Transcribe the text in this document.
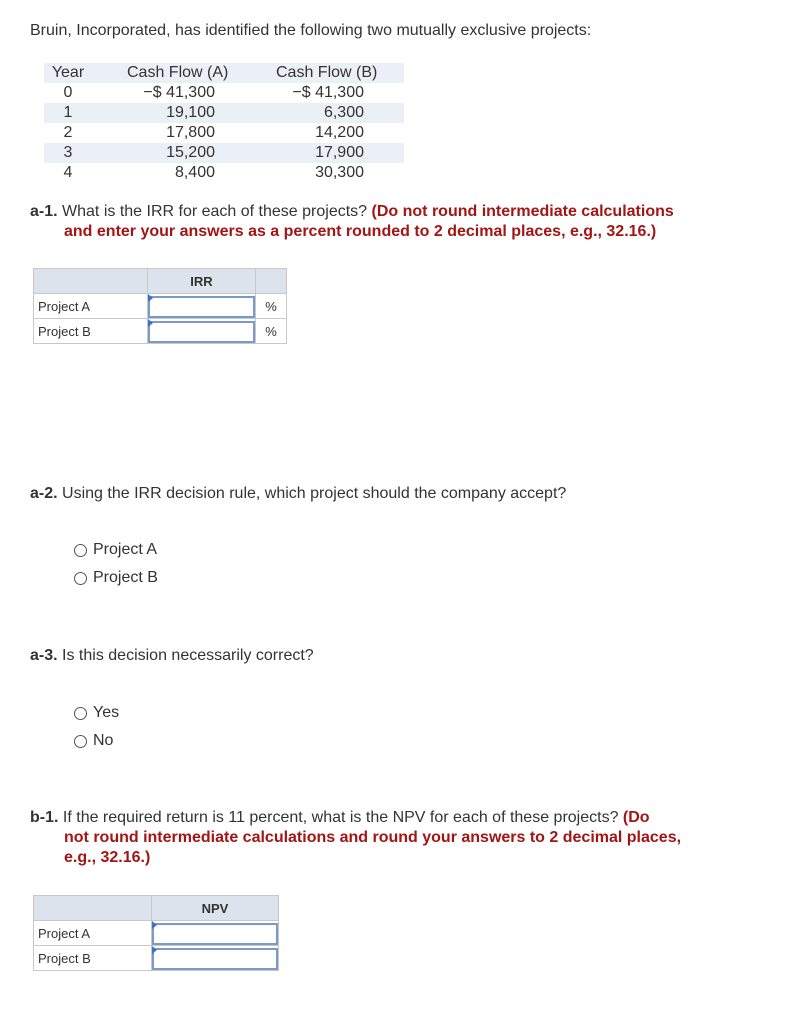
Bruin, Incorporated, has identified the following two mutually exclusive projects:
Year	Cash Flow (A)	Cash Flow (B)
0	−$ 41,300	−$ 41,300
1	19,100	6,300
2	17,800	14,200
3	15,200	17,900
4	8,400	30,300
a-1. What is the IRR for each of these projects? (Do not round intermediate calculations
and enter your answers as a percent rounded to 2 decimal places, e.g., 32.16.)
	IRR	
Project A		%
Project B		%
a-2. Using the IRR decision rule, which project should the company accept?
Project A
Project B
a-3. Is this decision necessarily correct?
Yes
No
b-1. If the required return is 11 percent, what is the NPV for each of these projects? (Do
not round intermediate calculations and round your answers to 2 decimal places,
e.g., 32.16.)
	NPV
Project A	

Project B	
